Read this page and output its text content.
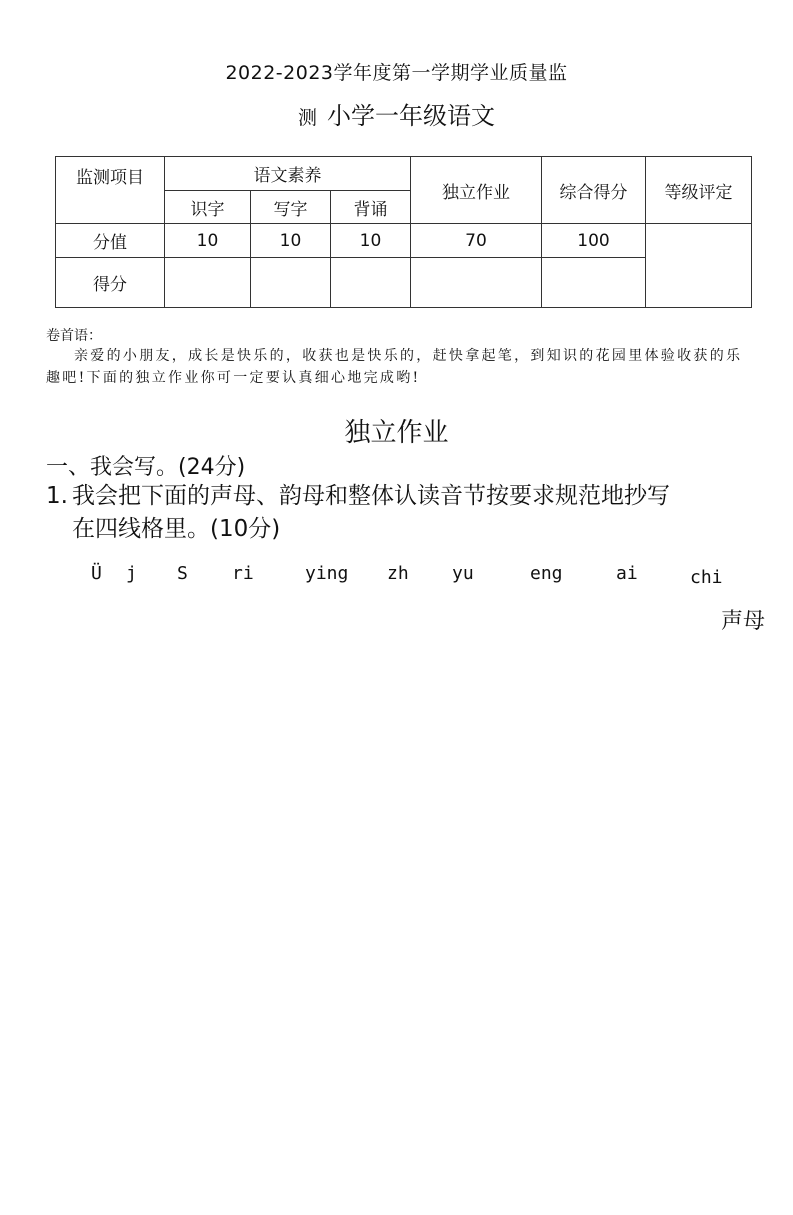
2022-2023学年度第一学期学业质量监
测 小学一年级语文
监测项目	语文素养			独立作业	综合得分	等级评定
	识字	写字	背诵			
分值	10	10	10	70	100	
得分						
卷首语：
亲爱的小朋友，成长是快乐的，收获也是快乐的，赶快拿起笔，到知识的花园里体验收获的乐趣吧!下面的独立作业你可一定要认真细心地完成哟!
独立作业
一、我会写。(24分)
1. 我会把下面的声母、韵母和整体认读音节按要求规范地抄写
在四线格里。(10分)
Ü j S ri	ying zh yu	eng	ai	chi
声母
